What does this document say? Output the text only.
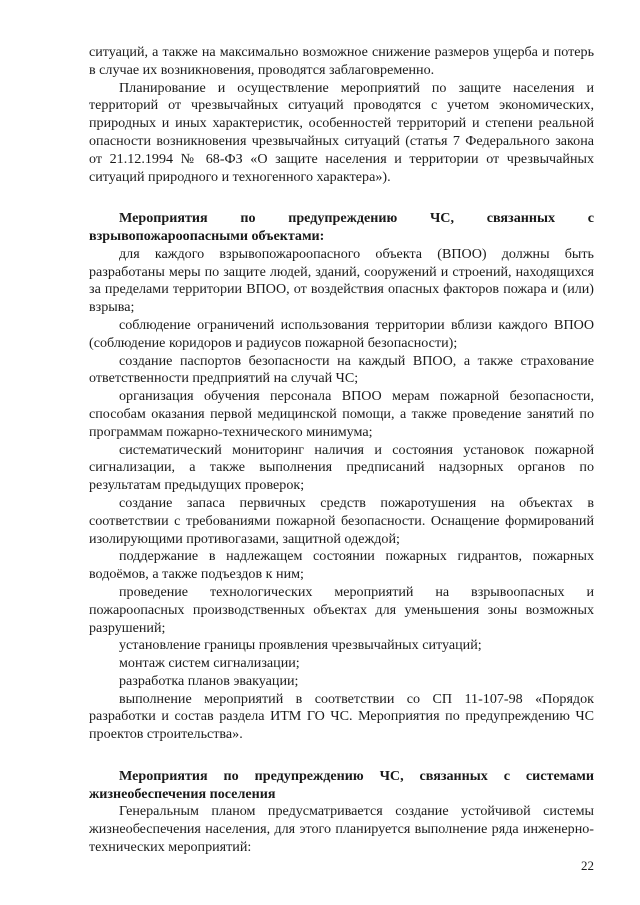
ситуаций, а также на максимально возможное снижение размеров ущерба и потерь в случае их возникновения, проводятся заблаговременно.

Планирование и осуществление мероприятий по защите населения и территорий от чрезвычайных ситуаций проводятся с учетом экономических, природных и иных характеристик, особенностей территорий и степени реальной опасности возникновения чрезвычайных ситуаций (статья 7 Федерального закона от 21.12.1994 № 68-ФЗ «О защите населения и территории от чрезвычайных ситуаций природного и техногенного характера»).

Мероприятия по предупреждению ЧС, связанных с взрывопожароопасными объектами:

для каждого взрывопожароопасного объекта (ВПОО) должны быть разработаны меры по защите людей, зданий, сооружений и строений, находящихся за пределами территории ВПОО, от воздействия опасных факторов пожара и (или) взрыва;

соблюдение ограничений использования территории вблизи каждого ВПОО (соблюдение коридоров и радиусов пожарной безопасности);

создание паспортов безопасности на каждый ВПОО, а также страхование ответственности предприятий на случай ЧС;

организация обучения персонала ВПОО мерам пожарной безопасности, способам оказания первой медицинской помощи, а также проведение занятий по программам пожарно-технического минимума;

систематический мониторинг наличия и состояния установок пожарной сигнализации, а также выполнения предписаний надзорных органов по результатам предыдущих проверок;

создание запаса первичных средств пожаротушения на объектах в соответствии с требованиями пожарной безопасности. Оснащение формирований изолирующими противогазами, защитной одеждой;

поддержание в надлежащем состоянии пожарных гидрантов, пожарных водоёмов, а также подъездов к ним;

проведение технологических мероприятий на взрывоопасных и пожароопасных производственных объектах для уменьшения зоны возможных разрушений;

установление границы проявления чрезвычайных ситуаций;

монтаж систем сигнализации;

разработка планов эвакуации;

выполнение мероприятий в соответствии со СП 11-107-98 «Порядок разработки и состав раздела ИТМ ГО ЧС. Мероприятия по предупреждению ЧС проектов строительства».

Мероприятия по предупреждению ЧС, связанных с системами жизнеобеспечения поселения

Генеральным планом предусматривается создание устойчивой системы жизнеобеспечения населения, для этого планируется выполнение ряда инженерно-технических мероприятий:

22
